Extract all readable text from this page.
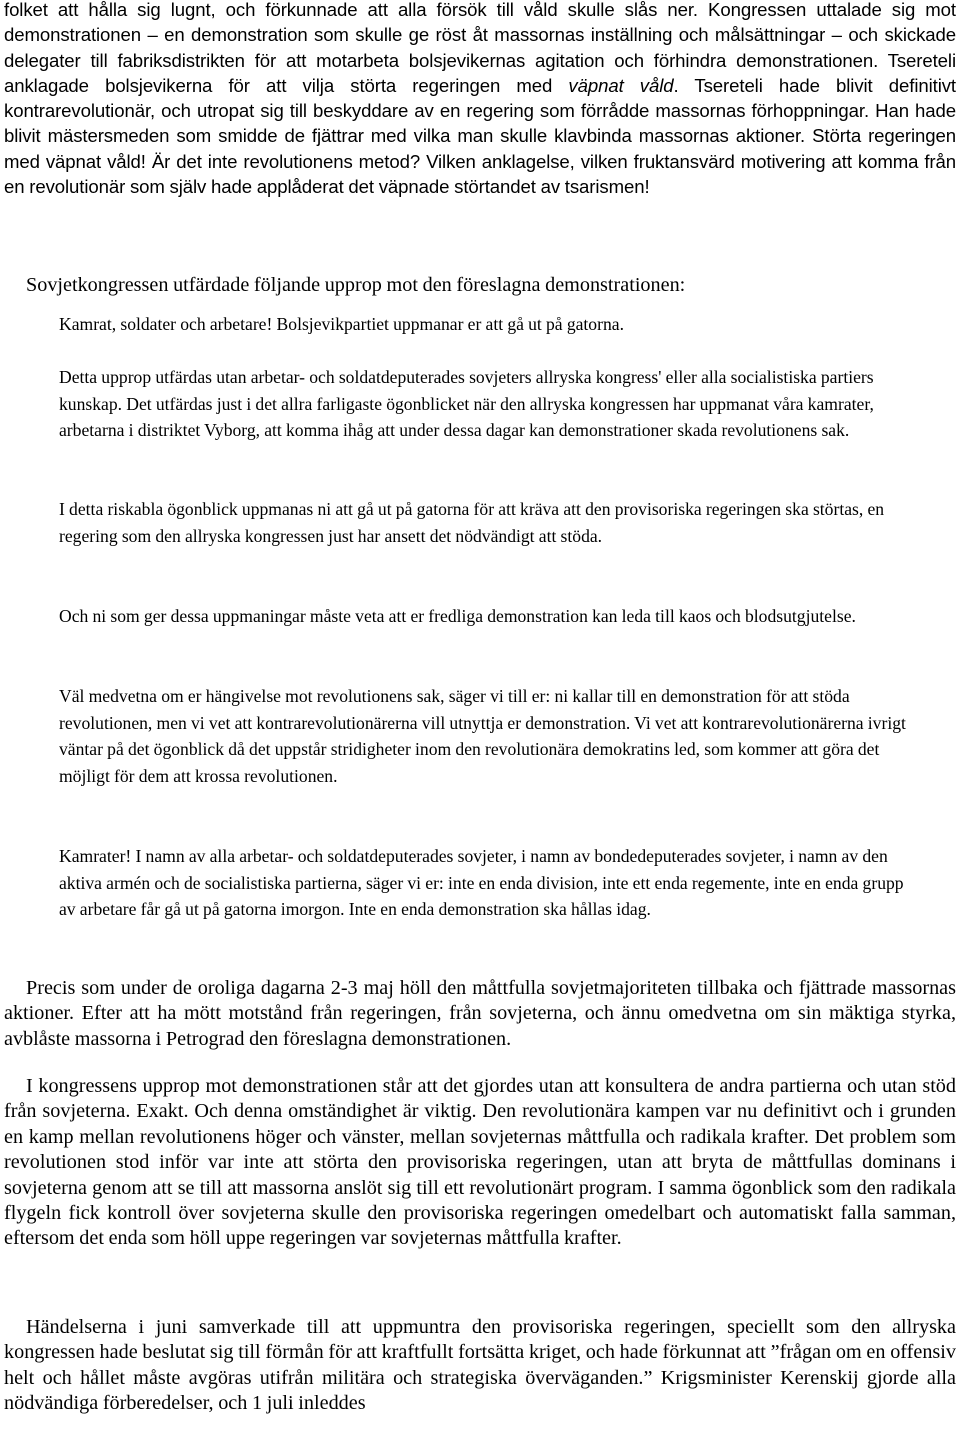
folket att hålla sig lugnt, och förkunnade att alla försök till våld skulle slås ner. Kongressen uttalade sig mot demonstrationen – en demonstration som skulle ge röst åt massornas inställning och målsättningar – och skickade delegater till fabriksdistrikten för att motarbeta bolsjevikernas agitation och förhindra demonstrationen. Tsereteli anklagade bolsjevikerna för att vilja störta regeringen med väpnat våld. Tsereteli hade blivit definitivt kontrarevolutionär, och utropat sig till beskyddare av en regering som förrådde massornas förhoppningar. Han hade blivit mästersmeden som smidde de fjättrar med vilka man skulle klavbinda massornas aktioner. Störta regeringen med väpnat våld! Är det inte revolutionens metod? Vilken anklagelse, vilken fruktansvärd motivering att komma från en revolutionär som själv hade applåderat det väpnade störtandet av tsarismen!

Sovjetkongressen utfärdade följande upprop mot den föreslagna demonstrationen:

Kamrat, soldater och arbetare! Bolsjevikpartiet uppmanar er att gå ut på gatorna.

Detta upprop utfärdas utan arbetar- och soldatdeputerades sovjeters allryska kongress' eller alla socialistiska partiers kunskap. Det utfärdas just i det allra farligaste ögonblicket när den allryska kongressen har uppmanat våra kamrater, arbetarna i distriktet Vyborg, att komma ihåg att under dessa dagar kan demonstrationer skada revolutionens sak.

I detta riskabla ögonblick uppmanas ni att gå ut på gatorna för att kräva att den provisoriska regeringen ska störtas, en regering som den allryska kongressen just har ansett det nödvändigt att stöda.

Och ni som ger dessa uppmaningar måste veta att er fredliga demonstration kan leda till kaos och blodsutgjutelse.

Väl medvetna om er hängivelse mot revolutionens sak, säger vi till er: ni kallar till en demonstration för att stöda revolutionen, men vi vet att kontrarevolutionärerna vill utnyttja er demonstration. Vi vet att kontrarevolutionärerna ivrigt väntar på det ögonblick då det uppstår stridigheter inom den revolutionära demokratins led, som kommer att göra det möjligt för dem att krossa revolutionen.

Kamrater! I namn av alla arbetar- och soldatdeputerades sovjeter, i namn av bondedeputerades sovjeter, i namn av den aktiva armén och de socialistiska partierna, säger vi er: inte en enda division, inte ett enda regemente, inte en enda grupp av arbetare får gå ut på gatorna imorgon. Inte en enda demonstration ska hållas idag.

Precis som under de oroliga dagarna 2-3 maj höll den måttfulla sovjetmajoriteten tillbaka och fjättrade massornas aktioner. Efter att ha mött motstånd från regeringen, från sovjeterna, och ännu omedvetna om sin mäktiga styrka, avblåste massorna i Petrograd den föreslagna demonstrationen.

I kongressens upprop mot demonstrationen står att det gjordes utan att konsultera de andra partierna och utan stöd från sovjeterna. Exakt. Och denna omständighet är viktig. Den revolutionära kampen var nu definitivt och i grunden en kamp mellan revolutionens höger och vänster, mellan sovjeternas måttfulla och radikala krafter. Det problem som revolutionen stod inför var inte att störta den provisoriska regeringen, utan att bryta de måttfullas dominans i sovjeterna genom att se till att massorna anslöt sig till ett revolutionärt program. I samma ögonblick som den radikala flygeln fick kontroll över sovjeterna skulle den provisoriska regeringen omedelbart och automatiskt falla samman, eftersom det enda som höll uppe regeringen var sovjeternas måttfulla krafter.

Händelserna i juni samverkade till att uppmuntra den provisoriska regeringen, speciellt som den allryska kongressen hade beslutat sig till förmån för att kraftfullt fortsätta kriget, och hade förkunnat att ”frågan om en offensiv helt och hållet måste avgöras utifrån militära och strategiska överväganden.” Krigsminister Kerenskij gjorde alla nödvändiga förberedelser, och 1 juli inleddes
